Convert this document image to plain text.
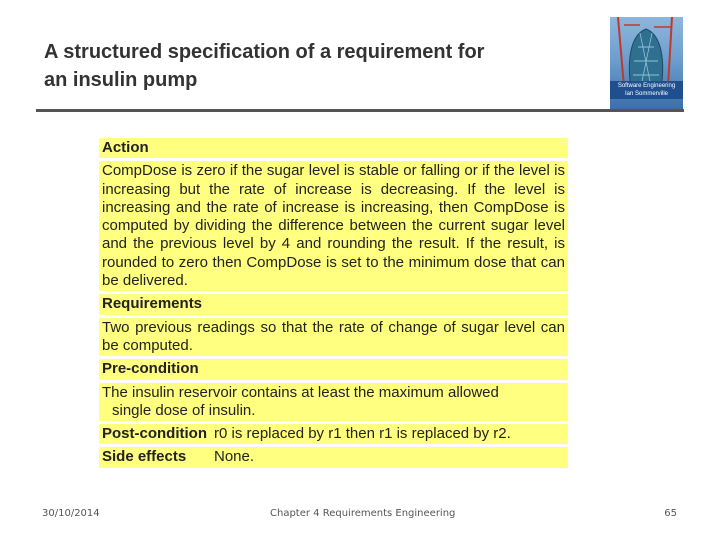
A structured specification of a requirement for
an insulin pump	Software Engineering
Ian Sommerville
Action
CompDose is zero if the sugar level is stable or falling or if the level is increasing but the rate of increase is decreasing. If the level is increasing and the rate of increase is increasing, then CompDose is computed by dividing the difference between the current sugar level and the previous level by 4 and rounding the result. If the result, is rounded to zero then CompDose is set to the minimum dose that can be delivered.
Requirements
Two previous readings so that the rate of change of sugar level can be computed.
Pre-condition
The insulin reservoir contains at least the maximum allowed
single dose of insulin.
Post-condition r0 is replaced by r1 then r1 is replaced by r2.
Side effects	None.
30/10/2014	Chapter 4 Requirements Engineering	65
